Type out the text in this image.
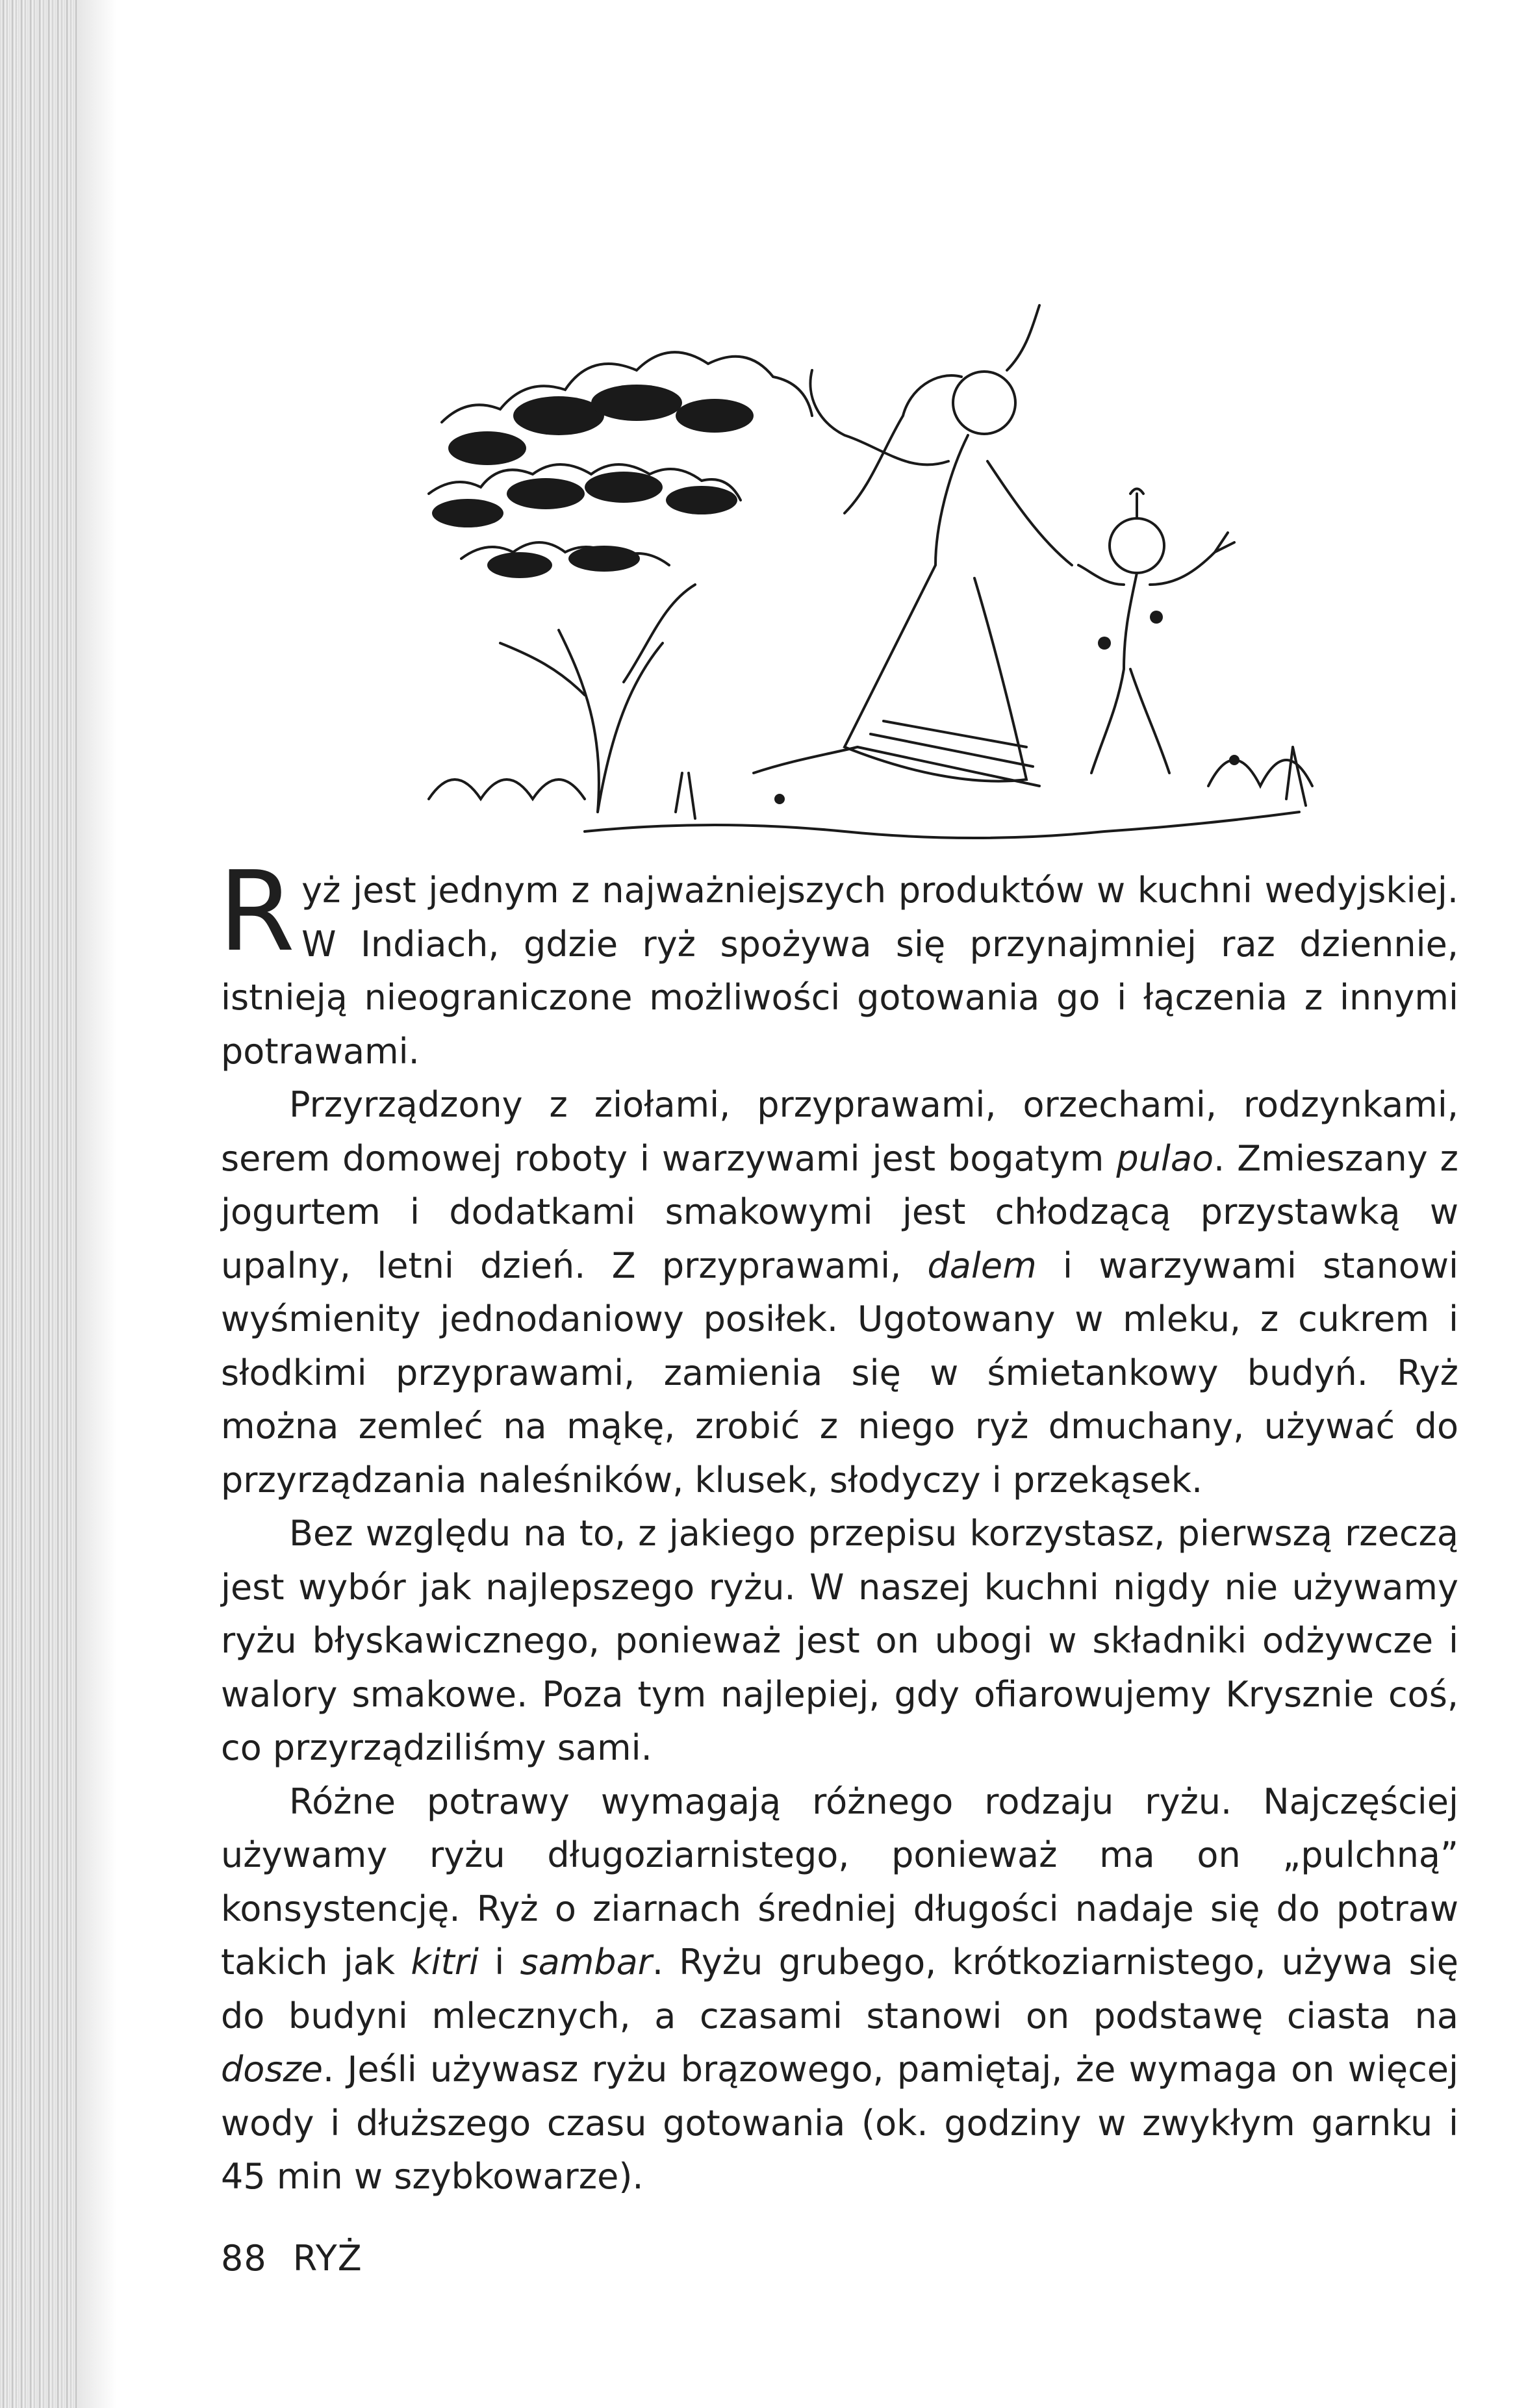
Ryż jest jednym z najważniejszych produktów w kuchni wedyjskiej. W Indiach, gdzie ryż spożywa się przynajmniej raz dziennie, istnieją nieograniczone możliwości gotowania go i łączenia z innymi potrawami.

Przyrządzony z ziołami, przyprawami, orzechami, rodzynkami, serem domowej roboty i warzywami jest bogatym pulao. Zmieszany z jogurtem i dodatkami smakowymi jest chłodzącą przystawką w upalny, letni dzień. Z przyprawami, dalem i warzywami stanowi wyśmienity jednodaniowy posiłek. Ugotowany w mleku, z cukrem i słodkimi przyprawami, zamienia się w śmietankowy budyń. Ryż można zemleć na mąkę, zrobić z niego ryż dmuchany, używać do przyrządzania naleśników, klusek, słodyczy i przekąsek.

Bez względu na to, z jakiego przepisu korzystasz, pierwszą rzeczą jest wybór jak najlepszego ryżu. W naszej kuchni nigdy nie używamy ryżu błyskawicznego, ponieważ jest on ubogi w składniki odżywcze i walory smakowe. Poza tym najlepiej, gdy ofiarowujemy Krysznie coś, co przyrządziliśmy sami.

Różne potrawy wymagają różnego rodzaju ryżu. Najczęściej używamy ryżu długoziarnistego, ponieważ ma on „pulchną” konsystencję. Ryż o ziarnach średniej długości nadaje się do potraw takich jak kitri i sambar. Ryżu grubego, krótkoziarnistego, używa się do budyni mlecznych, a czasami stanowi on podstawę ciasta na dosze. Jeśli używasz ryżu brązowego, pamiętaj, że wymaga on więcej wody i dłuższego czasu gotowania (ok. godziny w zwykłym garnku i 45 min w szybkowarze).

88 RYŻ
